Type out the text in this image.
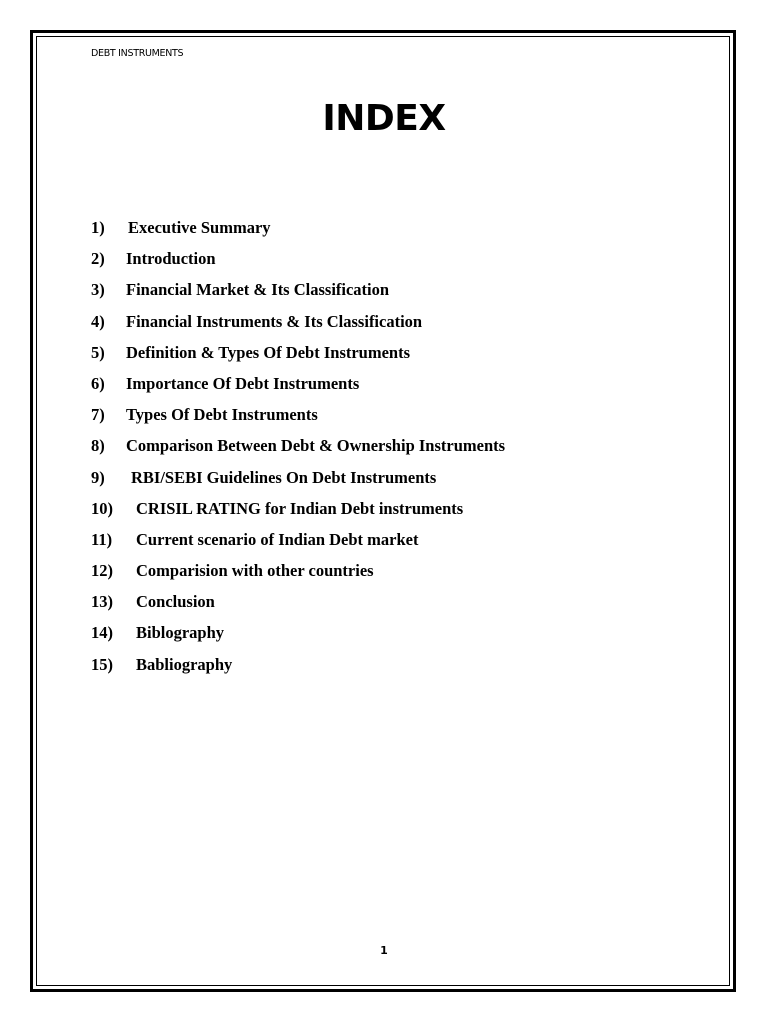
DEBT INSTRUMENTS
INDEX
1) Executive Summary
2) Introduction
3) Financial Market & Its Classification
4) Financial Instruments & Its Classification
5) Definition & Types Of Debt Instruments
6) Importance Of Debt Instruments
7) Types Of Debt Instruments
8) Comparison Between Debt & Ownership Instruments
9) RBI/SEBI Guidelines On Debt Instruments
10) CRISIL RATING for Indian Debt instruments
11) Current scenario of Indian Debt market
12) Comparision with other countries
13) Conclusion
14) Biblography
15) Babliography
1
